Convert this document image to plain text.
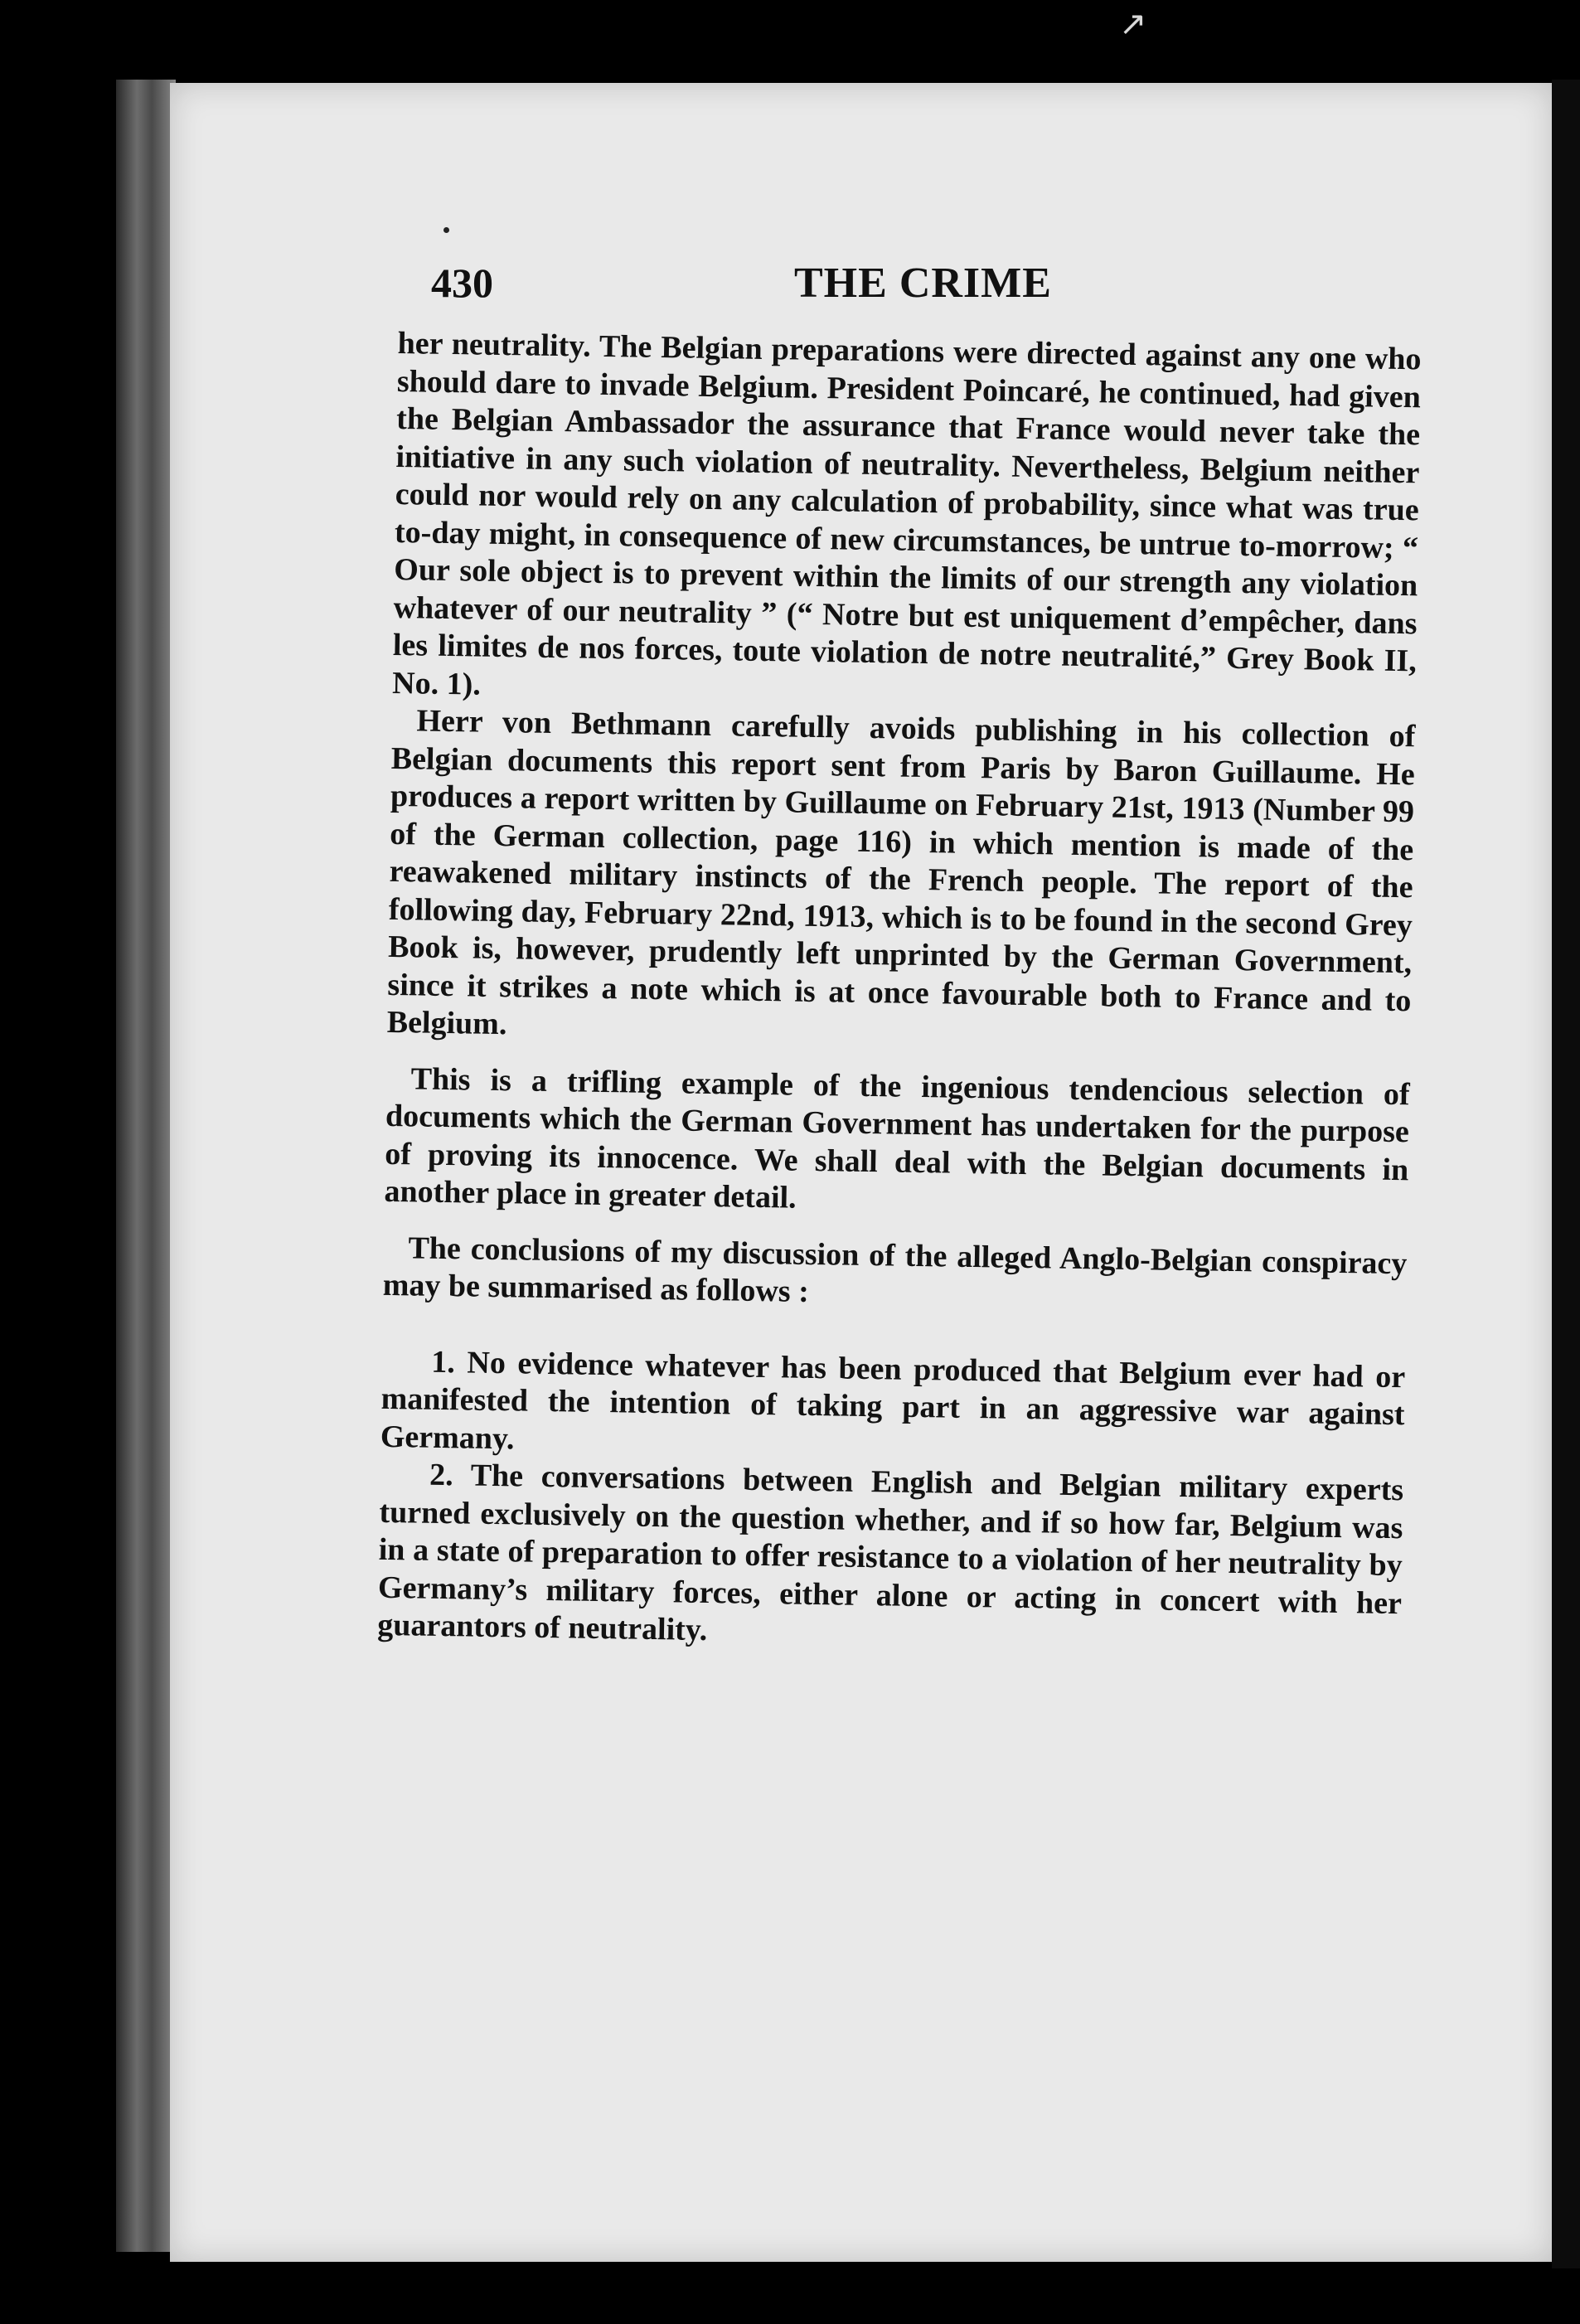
↗
430	THE CRIME

her neutrality. The Belgian preparations were directed against any one who should dare to invade Belgium. President Poincaré, he continued, had given the Belgian Ambassador the assurance that France would never take the initiative in any such violation of neutrality. Nevertheless, Belgium neither could nor would rely on any calculation of probability, since what was true to-day might, in consequence of new circumstances, be untrue to-morrow; “ Our sole object is to prevent within the limits of our strength any violation whatever of our neutrality ” (“ Notre but est uniquement d’empêcher, dans les limites de nos forces, toute violation de notre neutralité,” Grey Book II, No. 1).

Herr von Bethmann carefully avoids publishing in his collection of Belgian documents this report sent from Paris by Baron Guillaume. He produces a report written by Guillaume on February 21st, 1913 (Number 99 of the German collection, page 116) in which mention is made of the reawakened military instincts of the French people. The report of the following day, February 22nd, 1913, which is to be found in the second Grey Book is, however, prudently left unprinted by the German Government, since it strikes a note which is at once favourable both to France and to Belgium.

This is a trifling example of the ingenious tendencious selection of documents which the German Government has undertaken for the purpose of proving its innocence. We shall deal with the Belgian documents in another place in greater detail.

The conclusions of my discussion of the alleged Anglo-Belgian conspiracy may be summarised as follows :

1. No evidence whatever has been produced that Belgium ever had or manifested the intention of taking part in an aggressive war against Germany.

2. The conversations between English and Belgian military experts turned exclusively on the question whether, and if so how far, Belgium was in a state of preparation to offer resistance to a violation of her neutrality by Germany’s military forces, either alone or acting in concert with her guarantors of neutrality.
